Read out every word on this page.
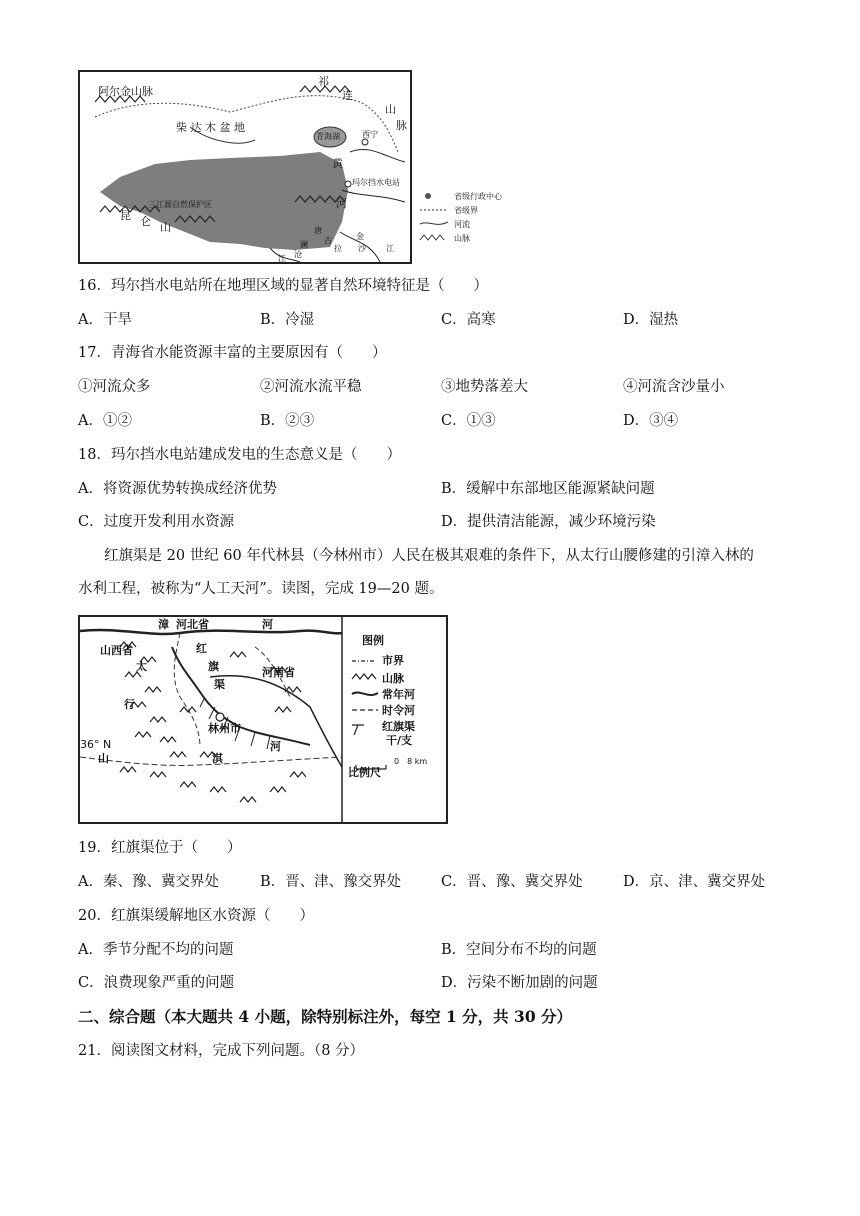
阿尔金山脉
祁
连
山
脉
柴 达 木 盆 地
青海湖	西宁
三江源自然保护区
玛尔挡水电站
昆 仑 山
黄
河
唐
古
拉
金
沙	江
澜
沧
江
省级行政中心
省级界
河流
山脉
16．玛尔挡水电站所在地理区域的显著自然环境特征是（　　）
A．干旱	B．冷湿	C．高寒	D．湿热
17．青海省水能资源丰富的主要原因有（　　）
①河流众多	②河流水流平稳	③地势落差大	④河流含沙量小
A．①②	B．②③	C．①③	D．③④
18．玛尔挡水电站建成发电的生态意义是（　　）
A．将资源优势转换成经济优势	B．缓解中东部地区能源紧缺问题
C．过度开发利用水资源	D．提供清洁能源，减少环境污染
红旗渠是 20 世纪 60 年代林县（今林州市）人民在极其艰难的条件下，从太行山腰修建的引漳入林的
水利工程，被称为“人工天河”。读图，完成 19—20 题。
漳 河北省	河
山西省	红
太	旗	河南省
渠
行
林州市
36° N
山	淇
河
图例
市界
山脉
常年河
时令河
红旗渠
干/支
比例尺
0　8 km
19．红旗渠位于（　　）
A．秦、豫、冀交界处	B．晋、津、豫交界处	C．晋、豫、冀交界处	D．京、津、冀交界处
20．红旗渠缓解地区水资源（　　）
A．季节分配不均的问题	B．空间分布不均的问题
C．浪费现象严重的问题	D．污染不断加剧的问题
二、综合题（本大题共 4 小题，除特别标注外，每空 1 分，共 30 分）
21．阅读图文材料，完成下列问题。（8 分）
